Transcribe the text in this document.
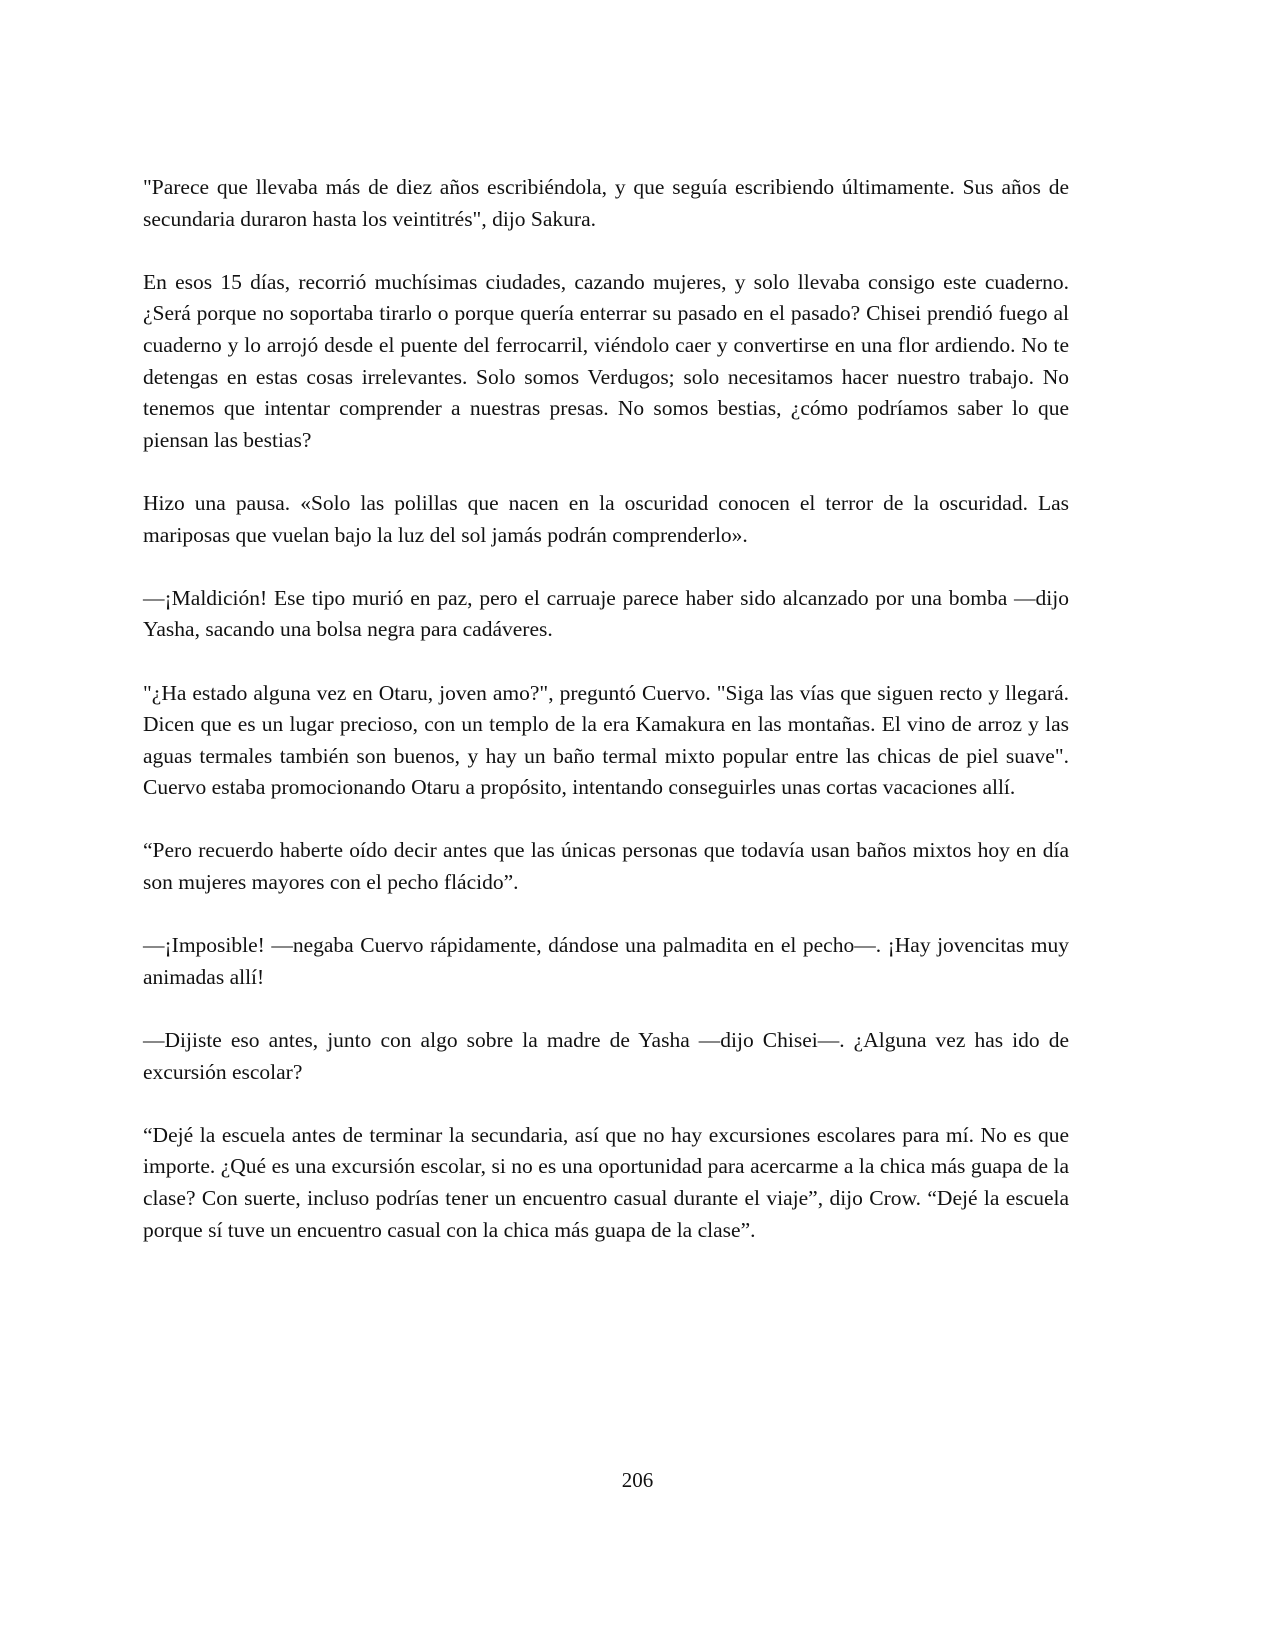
"Parece que llevaba más de diez años escribiéndola, y que seguía escribiendo últimamente. Sus años de secundaria duraron hasta los veintitrés", dijo Sakura.

En esos 15 días, recorrió muchísimas ciudades, cazando mujeres, y solo llevaba consigo este cuaderno. ¿Será porque no soportaba tirarlo o porque quería enterrar su pasado en el pasado? Chisei prendió fuego al cuaderno y lo arrojó desde el puente del ferrocarril, viéndolo caer y convertirse en una flor ardiendo. No te detengas en estas cosas irrelevantes. Solo somos Verdugos; solo necesitamos hacer nuestro trabajo. No tenemos que intentar comprender a nuestras presas. No somos bestias, ¿cómo podríamos saber lo que piensan las bestias?

Hizo una pausa. «Solo las polillas que nacen en la oscuridad conocen el terror de la oscuridad. Las mariposas que vuelan bajo la luz del sol jamás podrán comprenderlo».

—¡Maldición! Ese tipo murió en paz, pero el carruaje parece haber sido alcanzado por una bomba —dijo Yasha, sacando una bolsa negra para cadáveres.

"¿Ha estado alguna vez en Otaru, joven amo?", preguntó Cuervo. "Siga las vías que siguen recto y llegará. Dicen que es un lugar precioso, con un templo de la era Kamakura en las montañas. El vino de arroz y las aguas termales también son buenos, y hay un baño termal mixto popular entre las chicas de piel suave". Cuervo estaba promocionando Otaru a propósito, intentando conseguirles unas cortas vacaciones allí.

“Pero recuerdo haberte oído decir antes que las únicas personas que todavía usan baños mixtos hoy en día son mujeres mayores con el pecho flácido”.

—¡Imposible! —negaba Cuervo rápidamente, dándose una palmadita en el pecho—. ¡Hay jovencitas muy animadas allí!

—Dijiste eso antes, junto con algo sobre la madre de Yasha —dijo Chisei—. ¿Alguna vez has ido de excursión escolar?

“Dejé la escuela antes de terminar la secundaria, así que no hay excursiones escolares para mí. No es que importe. ¿Qué es una excursión escolar, si no es una oportunidad para acercarme a la chica más guapa de la clase? Con suerte, incluso podrías tener un encuentro casual durante el viaje”, dijo Crow. “Dejé la escuela porque sí tuve un encuentro casual con la chica más guapa de la clase”.

206
